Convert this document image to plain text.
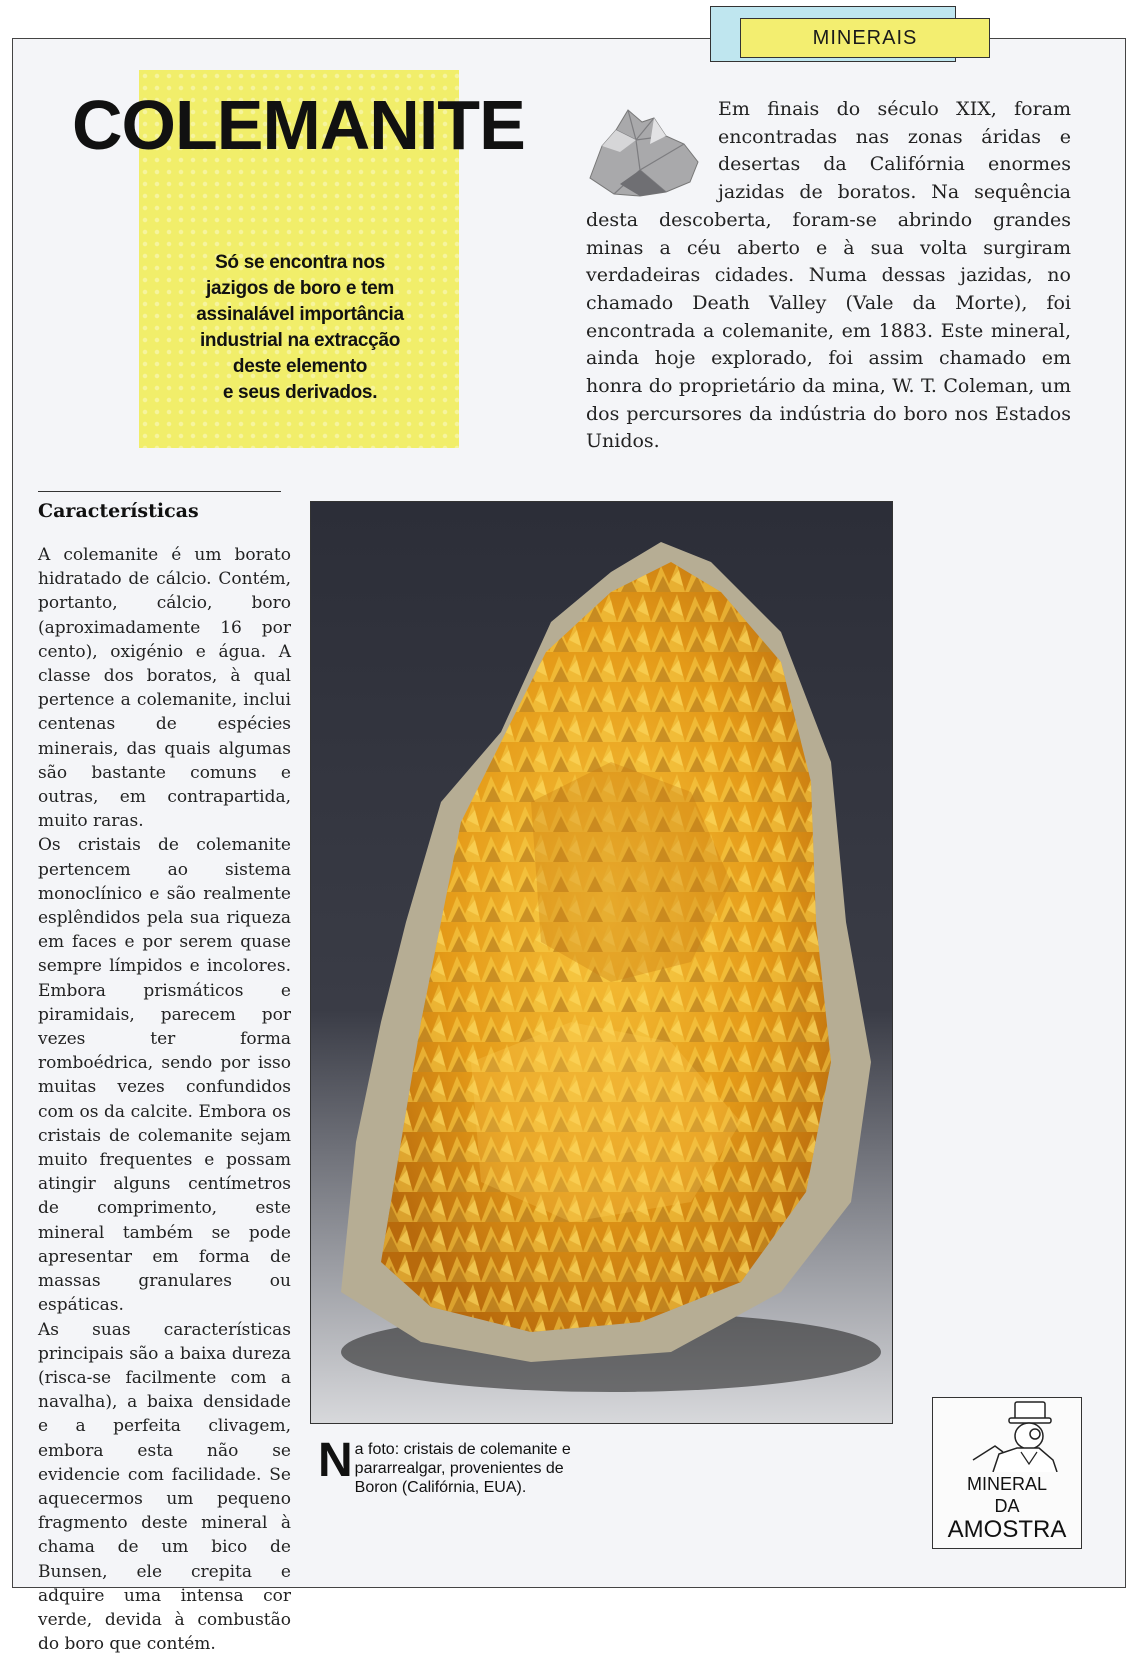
MINERAIS
COLEMANITE

Só se encontra nos
jazigos de boro e tem
assinalável importância
industrial na extracção
deste elemento
e seus derivados.

Em finais do século XIX, foram encontradas nas zonas áridas e desertas da Califórnia enormes jazidas de boratos. Na sequência desta descoberta, foram-se abrindo grandes minas a céu aberto e à sua volta surgiram verdadeiras cidades. Numa dessas jazidas, no chamado Death Valley (Vale da Morte), foi encontrada a colemanite, em 1883. Este mineral, ainda hoje explorado, foi assim chamado em honra do proprietário da mina, W. T. Coleman, um dos percursores da indústria do boro nos Estados Unidos.

Características
A colemanite é um borato hidratado de cálcio. Contém, portanto, cálcio, boro (aproximadamente 16 por cento), oxigénio e água. A classe dos boratos, à qual pertence a colemanite, inclui centenas de espécies minerais, das quais algumas são bastante comuns e outras, em contrapartida, muito raras.
Os cristais de colemanite pertencem ao sistema monoclínico e são realmente esplêndidos pela sua riqueza em faces e por serem quase sempre límpidos e incolores. Embora prismáticos e piramidais, parecem por vezes ter forma romboédrica, sendo por isso muitas vezes confundidos com os da calcite. Embora os cristais de colemanite sejam muito frequentes e possam atingir alguns centímetros de comprimento, este mineral também se pode apresentar em forma de massas granulares ou espáticas.
As suas características principais são a baixa dureza (risca-se facilmente com a navalha), a baixa densidade e a perfeita clivagem, embora esta não se evidencie com facilidade. Se aquecermos um pequeno fragmento deste mineral à chama de um bico de Bunsen, ele crepita e adquire uma intensa cor verde, devida à combustão do boro que contém.

Na foto: cristais de colemanite e pararrealgar, provenientes de Boron (Califórnia, EUA).	MINERAL
DA
AMOSTRA
